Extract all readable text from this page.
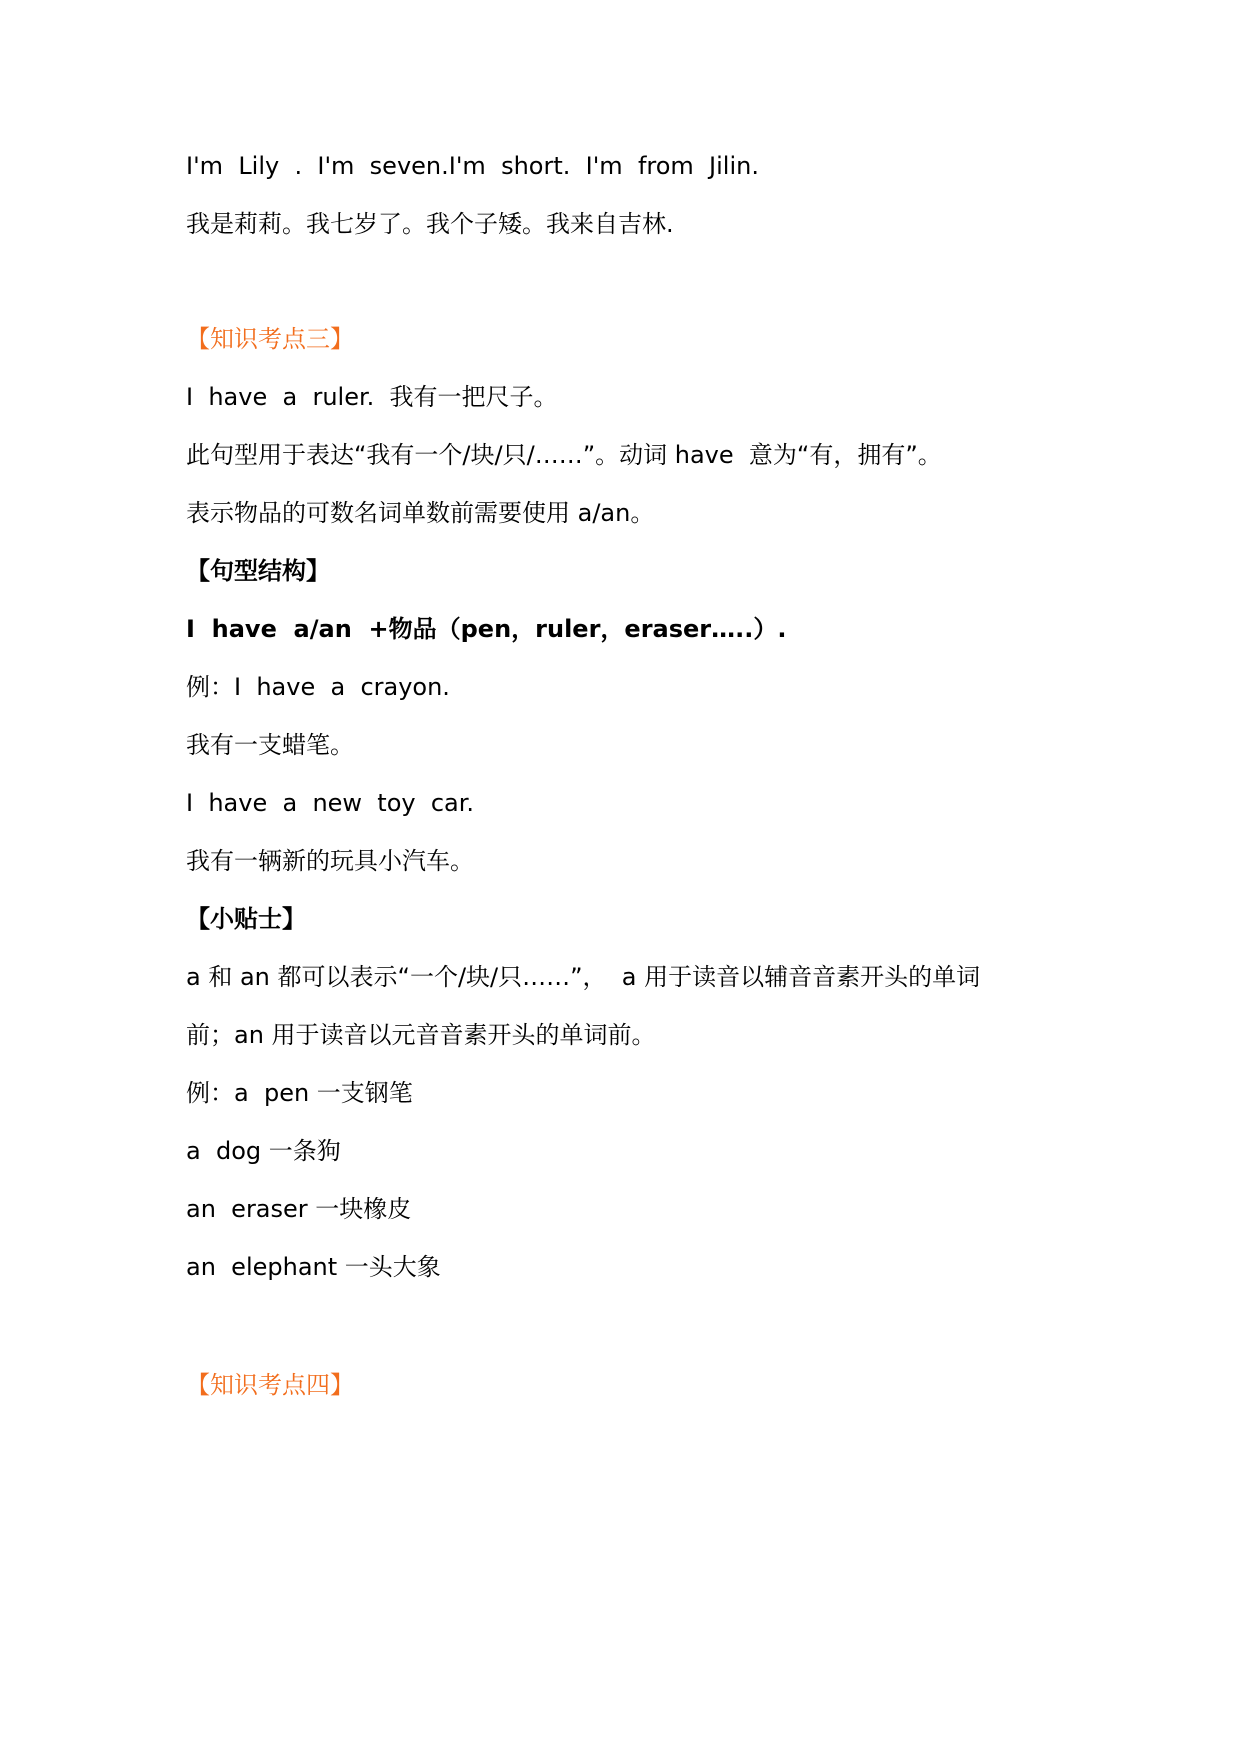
I'm  Lily  .  I'm  seven.I'm  short.  I'm  from  Jilin.
我是莉莉。我七岁了。我个子矮。我来自吉林.
【知识考点三】
I  have  a  ruler.  我有一把尺子。
此句型用于表达“我有一个/块/只/……”。动词 have  意为“有，拥有”。
表示物品的可数名词单数前需要使用 a/an。
【句型结构】
I  have  a/an  +物品（pen，ruler，eraser…..）.
例：I  have  a  crayon.
我有一支蜡笔。
I  have  a  new  toy  car.
我有一辆新的玩具小汽车。
【小贴士】
a 和 an 都可以表示“一个/块/只……”，  a 用于读音以辅音音素开头的单词
前；an 用于读音以元音音素开头的单词前。
例：a  pen 一支钢笔
a  dog 一条狗
an  eraser 一块橡皮
an  elephant 一头大象
【知识考点四】
